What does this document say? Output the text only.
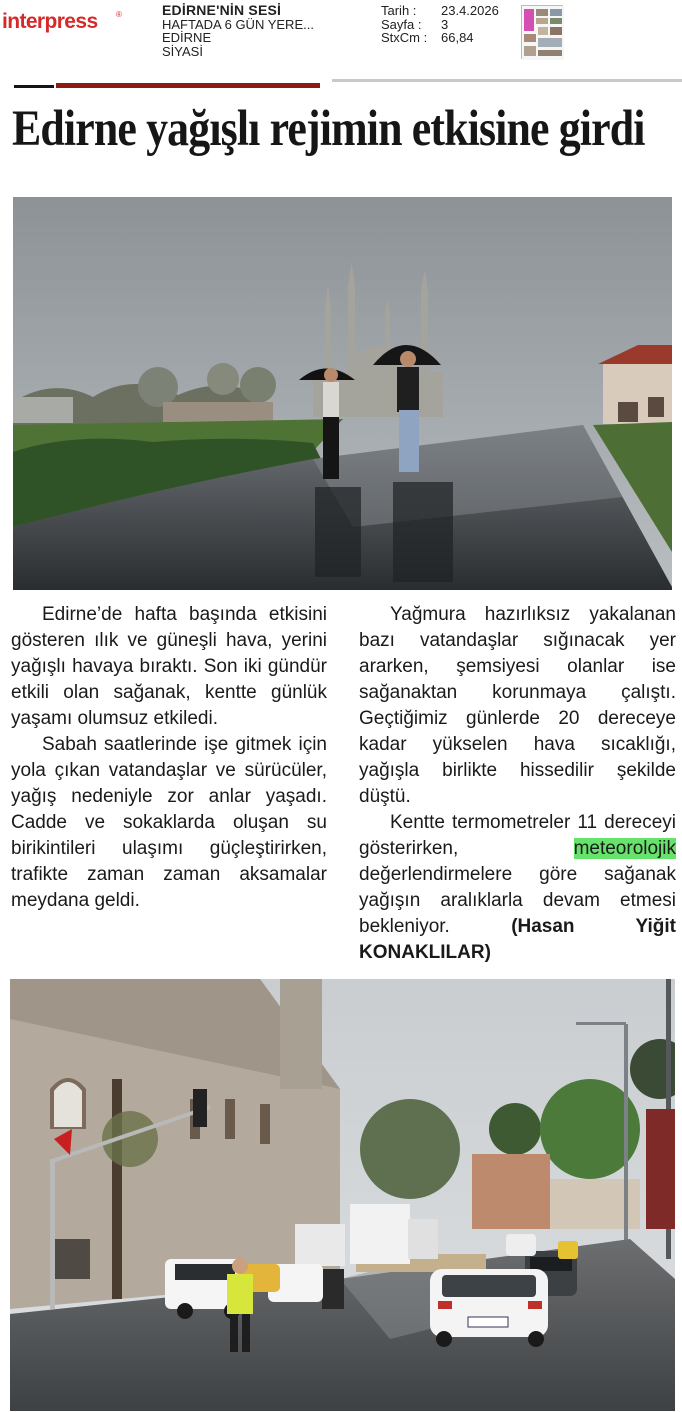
interpress ®	EDİRNE'NİN SESİ
HAFTADA 6 GÜN YERE...
EDİRNE
SİYASİ
Tarih :	23.4.2026
Sayfa :	3
StxCm :	66,84
Edirne yağışlı rejimin etkisine girdi

Edirne’de hafta başında etkisini gösteren ılık ve güneşli hava, yerini yağışlı havaya bıraktı. Son iki gündür etkili olan sağanak, kentte günlük yaşamı olumsuz etkiledi.

Sabah saatlerinde işe gitmek için yola çıkan vatandaşlar ve sürücüler, yağış nedeniyle zor anlar yaşadı. Cadde ve sokaklarda oluşan su birikintileri ulaşımı güçleştirirken, trafikte zaman zaman aksamalar meydana geldi.

Yağmura hazırlıksız yakalanan bazı vatandaşlar sığınacak yer ararken, şemsiyesi olanlar ise sağanaktan korunmaya çalıştı. Geçtiğimiz günlerde 20 dereceye kadar yükselen hava sıcaklığı, yağışla birlikte hissedilir şekilde düştü.

Kentte termometreler 11 dereceyi gösterirken,	meteorolojik değerlendirmelere göre sağanak yağışın aralıklarla devam etmesi bekleniyor.	(Hasan Yiğit KONAKLILAR)
